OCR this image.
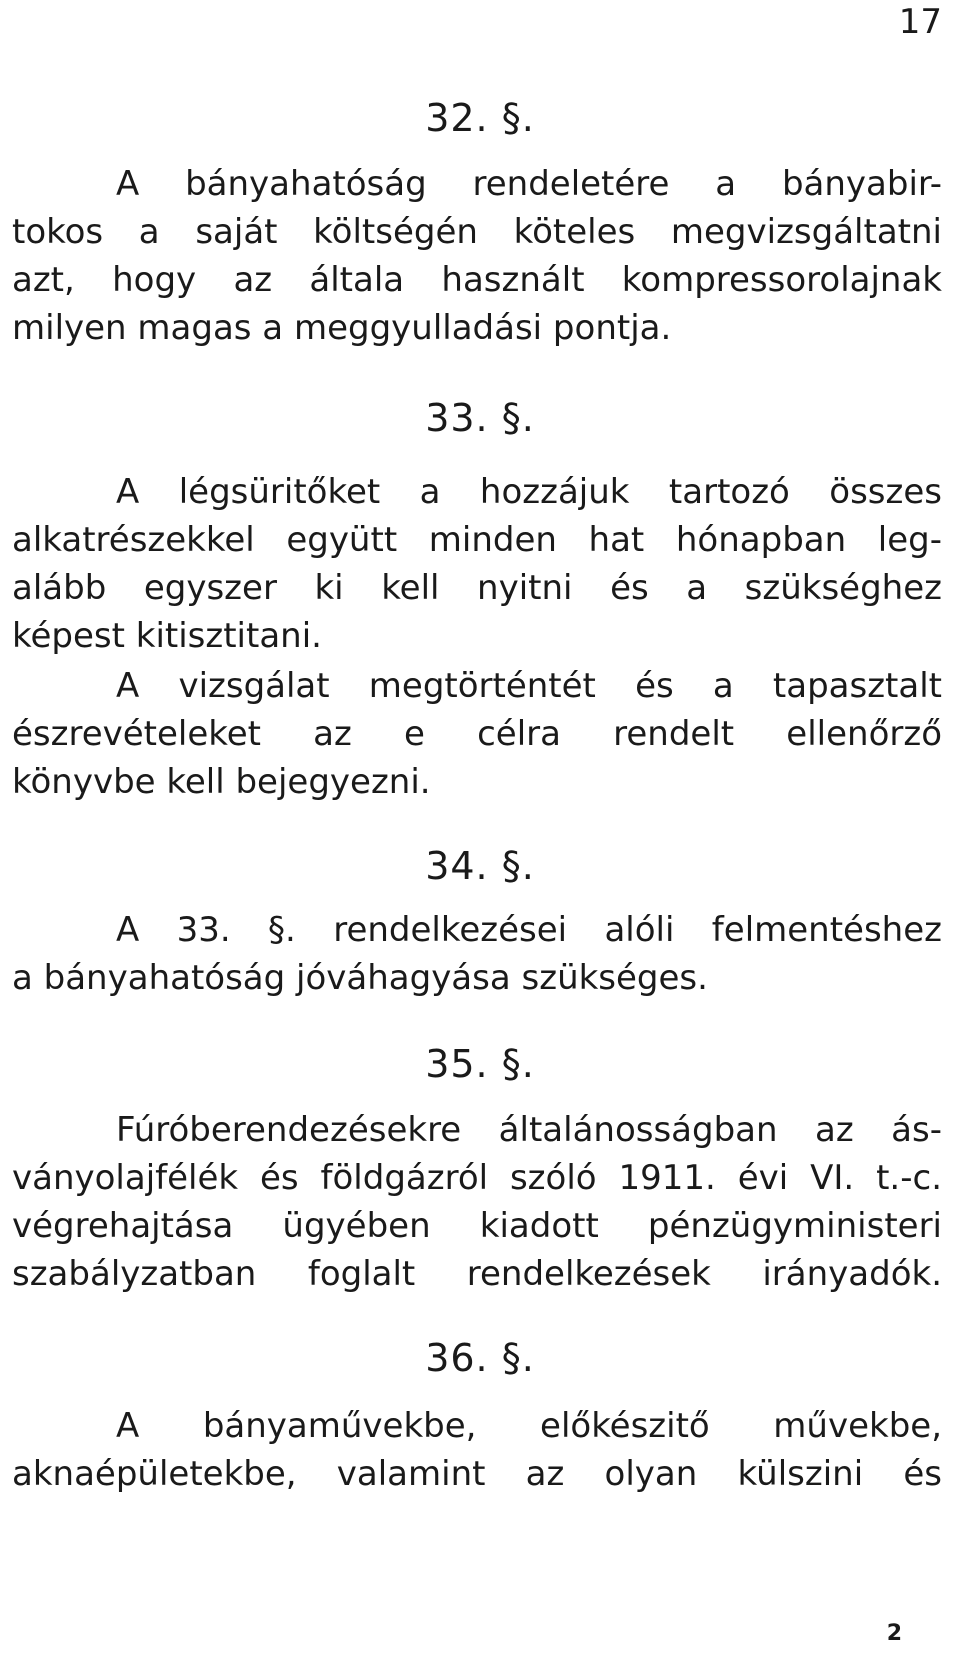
17
32. §.
A bányahatóság rendeletére a bányabir-
tokos a saját költségén köteles megvizsgáltatni
azt, hogy az általa használt kompressorolajnak
milyen magas a meggyulladási pontja.
33. §.
A légsüritőket a hozzájuk tartozó összes
alkatrészekkel együtt minden hat hónapban leg-
alább egyszer ki kell nyitni és a szükséghez
képest kitisztitani.
A vizsgálat megtörténtét és a tapasztalt
észrevételeket az e célra rendelt ellenőrző
könyvbe kell bejegyezni.
34. §.
A 33. §. rendelkezései alóli felmentéshez
a bányahatóság jóváhagyása szükséges.
35. §.
Fúróberendezésekre általánosságban az ás-
ványolajfélék és földgázról szóló 1911. évi VI. t.-c.
végrehajtása ügyében kiadott pénzügyministeri
szabályzatban foglalt rendelkezések irányadók.
36. §.
A bányaművekbe, előkészitő művekbe,
aknaépületekbe, valamint az olyan külszini és
2
